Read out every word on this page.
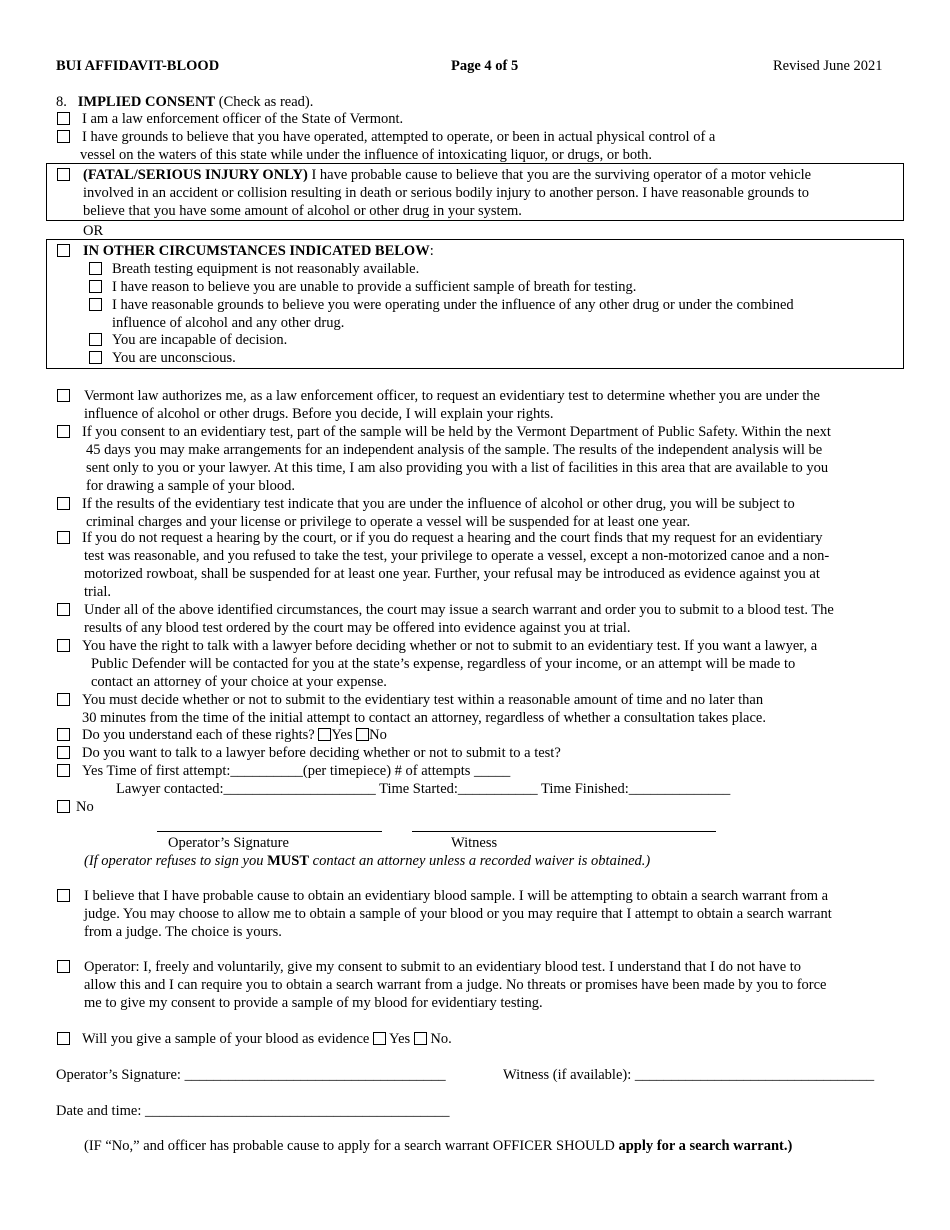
BUI AFFIDAVIT-BLOOD	Page 4 of 5	Revised June 2021
8. IMPLIED CONSENT (Check as read).
I am a law enforcement officer of the State of Vermont.
I have grounds to believe that you have operated, attempted to operate, or been in actual physical control of a
vessel on the waters of this state while under the influence of intoxicating liquor, or drugs, or both.
(FATAL/SERIOUS INJURY ONLY) I have probable cause to believe that you are the surviving operator of a motor vehicle
involved in an accident or collision resulting in death or serious bodily injury to another person. I have reasonable grounds to
believe that you have some amount of alcohol or other drug in your system.
OR
IN OTHER CIRCUMSTANCES INDICATED BELOW:
Breath testing equipment is not reasonably available.
I have reason to believe you are unable to provide a sufficient sample of breath for testing.
I have reasonable grounds to believe you were operating under the influence of any other drug or under the combined
influence of alcohol and any other drug.
You are incapable of decision.
You are unconscious.
Vermont law authorizes me, as a law enforcement officer, to request an evidentiary test to determine whether you are under the
influence of alcohol or other drugs. Before you decide, I will explain your rights.
If you consent to an evidentiary test, part of the sample will be held by the Vermont Department of Public Safety. Within the next
45 days you may make arrangements for an independent analysis of the sample. The results of the independent analysis will be
sent only to you or your lawyer. At this time, I am also providing you with a list of facilities in this area that are available to you
for drawing a sample of your blood.
If the results of the evidentiary test indicate that you are under the influence of alcohol or other drug, you will be subject to
criminal charges and your license or privilege to operate a vessel will be suspended for at least one year.
If you do not request a hearing by the court, or if you do request a hearing and the court finds that my request for an evidentiary
test was reasonable, and you refused to take the test, your privilege to operate a vessel, except a non-motorized canoe and a non-
motorized rowboat, shall be suspended for at least one year. Further, your refusal may be introduced as evidence against you at
trial.
Under all of the above identified circumstances, the court may issue a search warrant and order you to submit to a blood test. The
results of any blood test ordered by the court may be offered into evidence against you at trial.
You have the right to talk with a lawyer before deciding whether or not to submit to an evidentiary test. If you want a lawyer, a
Public Defender will be contacted for you at the state’s expense, regardless of your income, or an attempt will be made to
contact an attorney of your choice at your expense.
You must decide whether or not to submit to the evidentiary test within a reasonable amount of time and no later than
30 minutes from the time of the initial attempt to contact an attorney, regardless of whether a consultation takes place.
Do you understand each of these rights? Yes No
Do you want to talk to a lawyer before deciding whether or not to submit to a test?
Yes Time of first attempt:__________(per timepiece) # of attempts _____
Lawyer contacted:_____________________ Time Started:___________ Time Finished:______________
No
Operator’s Signature	Witness
(If operator refuses to sign you MUST contact an attorney unless a recorded waiver is obtained.)
I believe that I have probable cause to obtain an evidentiary blood sample. I will be attempting to obtain a search warrant from a
judge. You may choose to allow me to obtain a sample of your blood or you may require that I attempt to obtain a search warrant
from a judge. The choice is yours.
Operator: I, freely and voluntarily, give my consent to submit to an evidentiary blood test. I understand that I do not have to
allow this and I can require you to obtain a search warrant from a judge. No threats or promises have been made by you to force
me to give my consent to provide a sample of my blood for evidentiary testing.
Will you give a sample of your blood as evidence Yes No.
Operator’s Signature: ____________________________________	Witness (if available): _________________________________
Date and time: __________________________________________
(IF “No,” and officer has probable cause to apply for a search warrant OFFICER SHOULD apply for a search warrant.)
